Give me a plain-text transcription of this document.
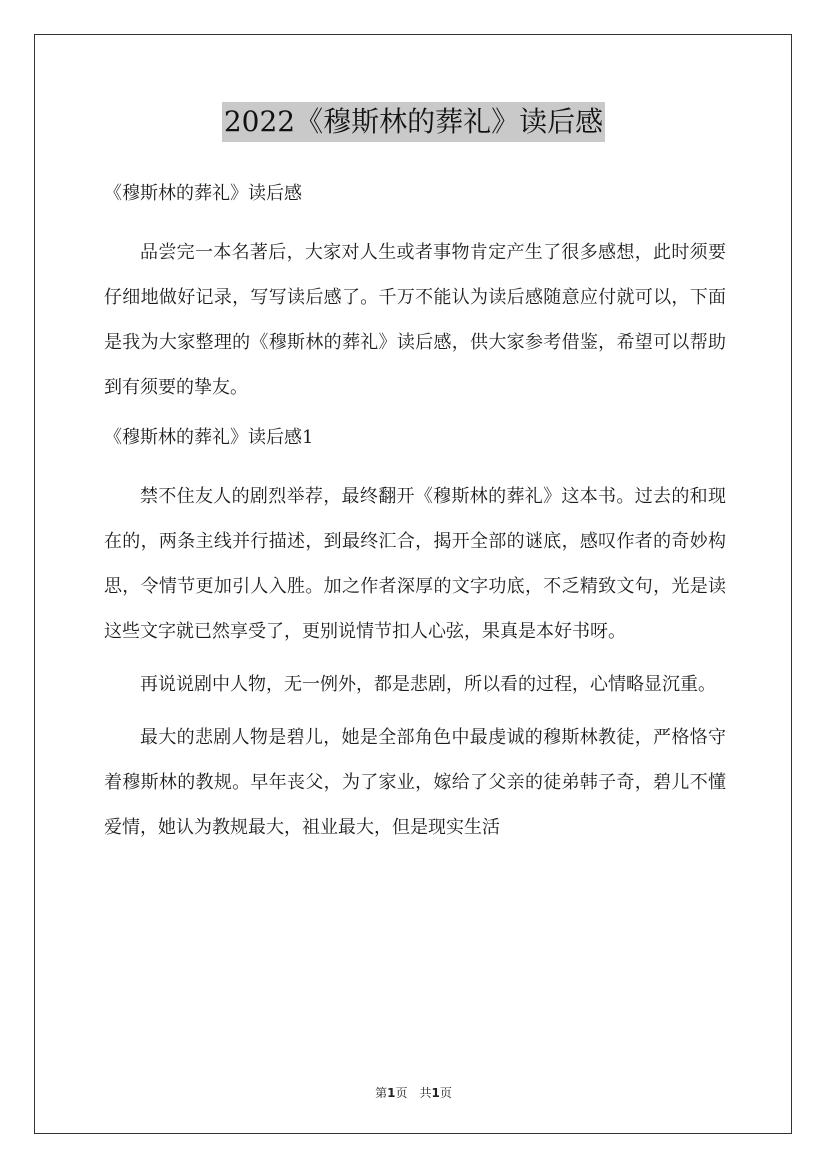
2022《穆斯林的葬礼》读后感
《穆斯林的葬礼》读后感

品尝完一本名著后，大家对人生或者事物肯定产生了很多感想，此时须要仔细地做好记录，写写读后感了。千万不能认为读后感随意应付就可以，下面是我为大家整理的《穆斯林的葬礼》读后感，供大家参考借鉴，希望可以帮助到有须要的挚友。

《穆斯林的葬礼》读后感1

禁不住友人的剧烈举荐，最终翻开《穆斯林的葬礼》这本书。过去的和现在的，两条主线并行描述，到最终汇合，揭开全部的谜底，感叹作者的奇妙构思，令情节更加引人入胜。加之作者深厚的文字功底，不乏精致文句，光是读这些文字就已然享受了，更别说情节扣人心弦，果真是本好书呀。

再说说剧中人物，无一例外，都是悲剧，所以看的过程，心情略显沉重。

最大的悲剧人物是碧儿，她是全部角色中最虔诚的穆斯林教徒，严格恪守着穆斯林的教规。早年丧父，为了家业，嫁给了父亲的徒弟韩子奇，碧儿不懂爱情，她认为教规最大，祖业最大，但是现实生活

第1页　共1页
